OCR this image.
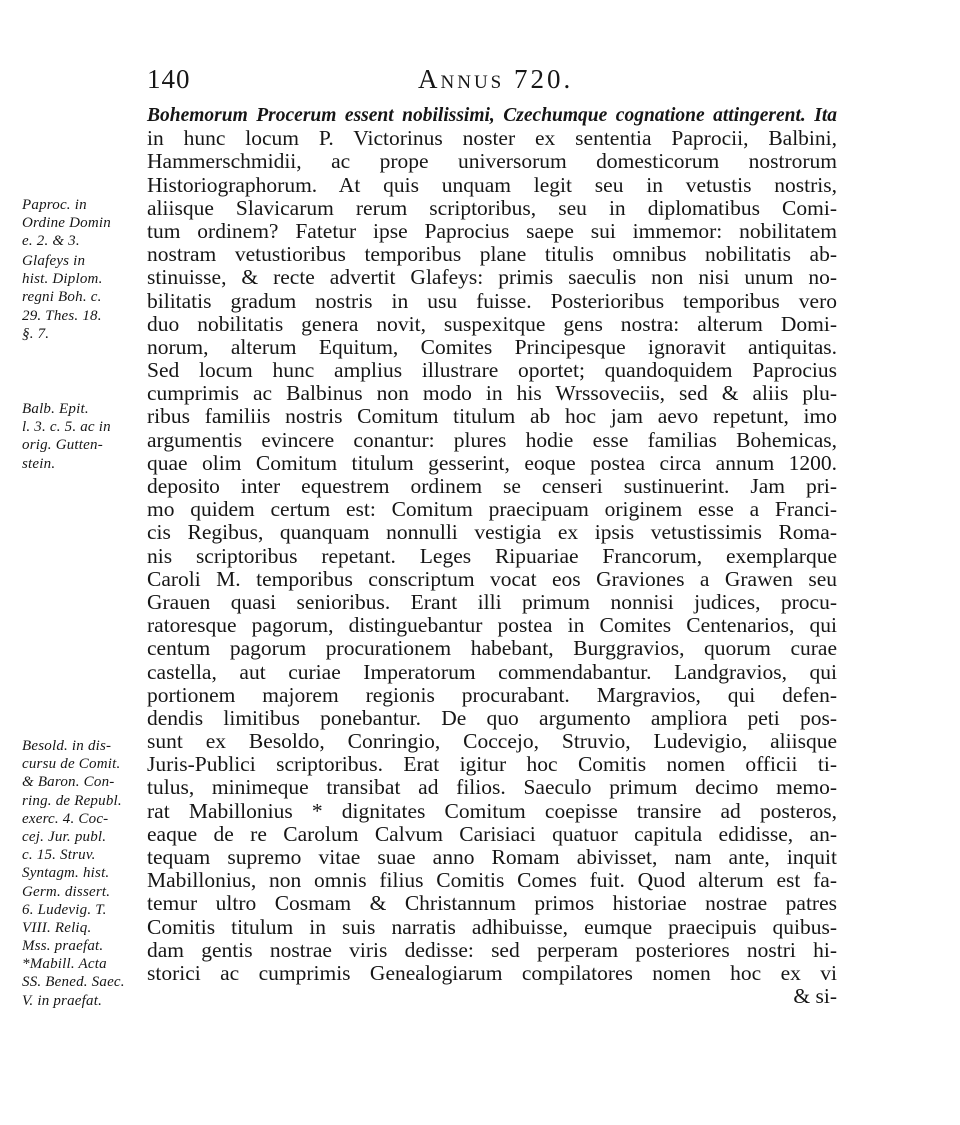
140	Annus 720.
Bohemorum Procerum essent nobilissimi, Czechumque cognatione attingerent. Ita
in hunc locum P. Victorinus noster ex sententia Paprocii, Balbini,
Hammerschmidii, ac prope universorum domesticorum nostrorum
Historiographorum. At quis unquam legit seu in vetustis nostris,
aliisque Slavicarum rerum scriptoribus, seu in diplomatibus Comi-
tum ordinem? Fatetur ipse Paprocius saepe sui immemor: nobilitatem
nostram vetustioribus temporibus plane titulis omnibus nobilitatis ab-
stinuisse, & recte advertit Glafeys: primis saeculis non nisi unum no-
bilitatis gradum nostris in usu fuisse. Posterioribus temporibus vero
duo nobilitatis genera novit, suspexitque gens nostra: alterum Domi-
norum, alterum Equitum, Comites Principesque ignoravit antiquitas.
Sed locum hunc amplius illustrare oportet; quandoquidem Paprocius
cumprimis ac Balbinus non modo in his Wrssoveciis, sed & aliis plu-
ribus familiis nostris Comitum titulum ab hoc jam aevo repetunt, imo
argumentis evincere conantur: plures hodie esse familias Bohemicas,
quae olim Comitum titulum gesserint, eoque postea circa annum 1200.
deposito inter equestrem ordinem se censeri sustinuerint. Jam pri-
mo quidem certum est: Comitum praecipuam originem esse a Franci-
cis Regibus, quanquam nonnulli vestigia ex ipsis vetustissimis Roma-
nis scriptoribus repetant. Leges Ripuariae Francorum, exemplarque
Caroli M. temporibus conscriptum vocat eos Graviones a Grawen seu
Grauen quasi senioribus. Erant illi primum nonnisi judices, procu-
ratoresque pagorum, distinguebantur postea in Comites Centenarios, qui
centum pagorum procurationem habebant, Burggravios, quorum curae
castella, aut curiae Imperatorum commendabantur. Landgravios, qui
portionem majorem regionis procurabant. Margravios, qui defen-
dendis limitibus ponebantur. De quo argumento ampliora peti pos-
sunt ex Besoldo, Conringio, Coccejo, Struvio, Ludevigio, aliisque
Juris-Publici scriptoribus. Erat igitur hoc Comitis nomen officii ti-
tulus, minimeque transibat ad filios. Saeculo primum decimo memo-
rat Mabillonius * dignitates Comitum coepisse transire ad posteros,
eaque de re Carolum Calvum Carisiaci quatuor capitula edidisse, an-
tequam supremo vitae suae anno Romam abivisset, nam ante, inquit
Mabillonius, non omnis filius Comitis Comes fuit. Quod alterum est fa-
temur ultro Cosmam & Christannum primos historiae nostrae patres
Comitis titulum in suis narratis adhibuisse, eumque praecipuis quibus-
dam gentis nostrae viris dedisse: sed perperam posteriores nostri hi-
storici ac cumprimis Genealogiarum compilatores nomen hoc ex vi
& si-
Paproc. in
Ordine Domin
e. 2. & 3.
Glafeys in
hist. Diplom.
regni Boh. c.
29. Thes. 18.
§. 7.
Balb. Epit.
l. 3. c. 5. ac in
orig. Gutten-
stein.
Besold. in dis-
cursu de Comit.
& Baron. Con-
ring. de Republ.
exerc. 4. Coc-
cej. Jur. publ.
c. 15. Struv.
Syntagm. hist.
Germ. dissert.
6. Ludevig. T.
VIII. Reliq.
Mss. praefat.
*Mabill. Acta
SS. Bened. Saec.
V. in praefat.
